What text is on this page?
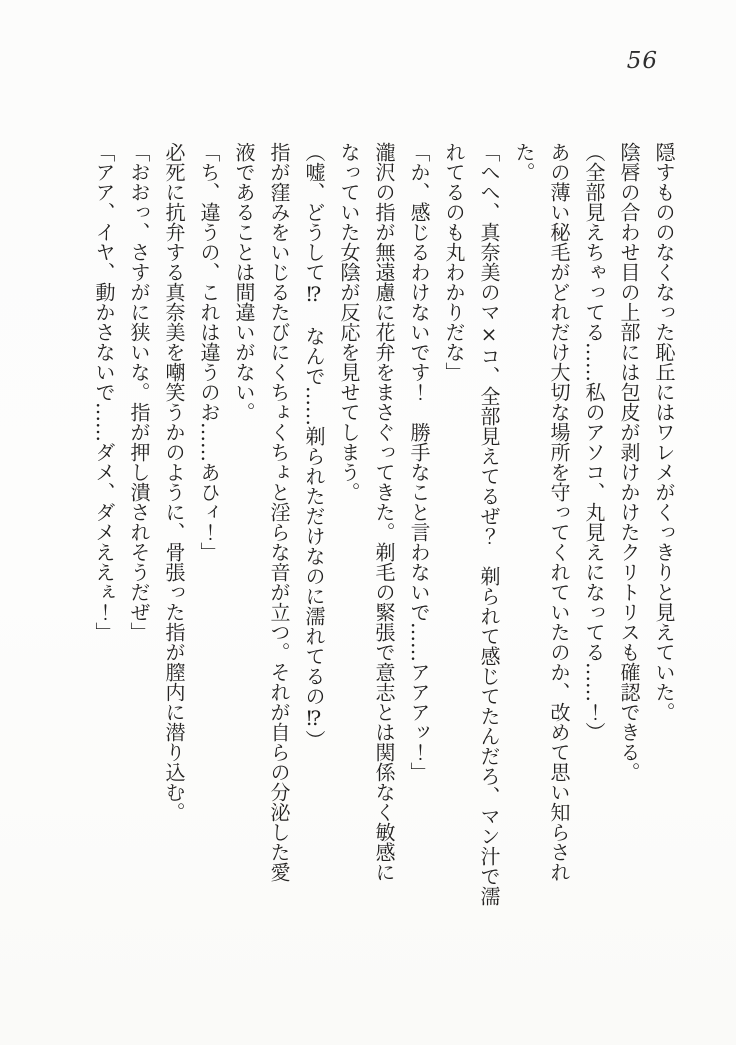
56

隠すもののなくなった恥丘にはワレメがくっきりと見えていた。

陰唇の合わせ目の上部には包皮が剥けかけたクリトリスも確認できる。

（全部見えちゃってる……私のアソコ、丸見えになってる……！）

あの薄い秘毛がどれだけ大切な場所を守ってくれていたのか、改めて思い知らされ

た。

「へへ、真奈美のマ×コ、全部見えてるぜ？　剃られて感じてたんだろ、マン汁で濡

れてるのも丸わかりだな」

「か、感じるわけないです！　勝手なこと言わないで……アアアッ！」

瀧沢の指が無遠慮に花弁をまさぐってきた。剃毛の緊張で意志とは関係なく敏感に

なっていた女陰が反応を見せてしまう。

（嘘、どうして⁉　なんで……剃られただけなのに濡れてるの⁉）

指が窪みをいじるたびにくちょくちょと淫らな音が立つ。それが自らの分泌した愛

液であることは間違いがない。

「ち、違うの、これは違うのお……あひィ！」

必死に抗弁する真奈美を嘲笑うかのように、骨張った指が膣内に潜り込む。

「おおっ、さすがに狭いな。指が押し潰されそうだぜ」

「アア、イヤ、動かさないで……ダメ、ダメええぇ！」
